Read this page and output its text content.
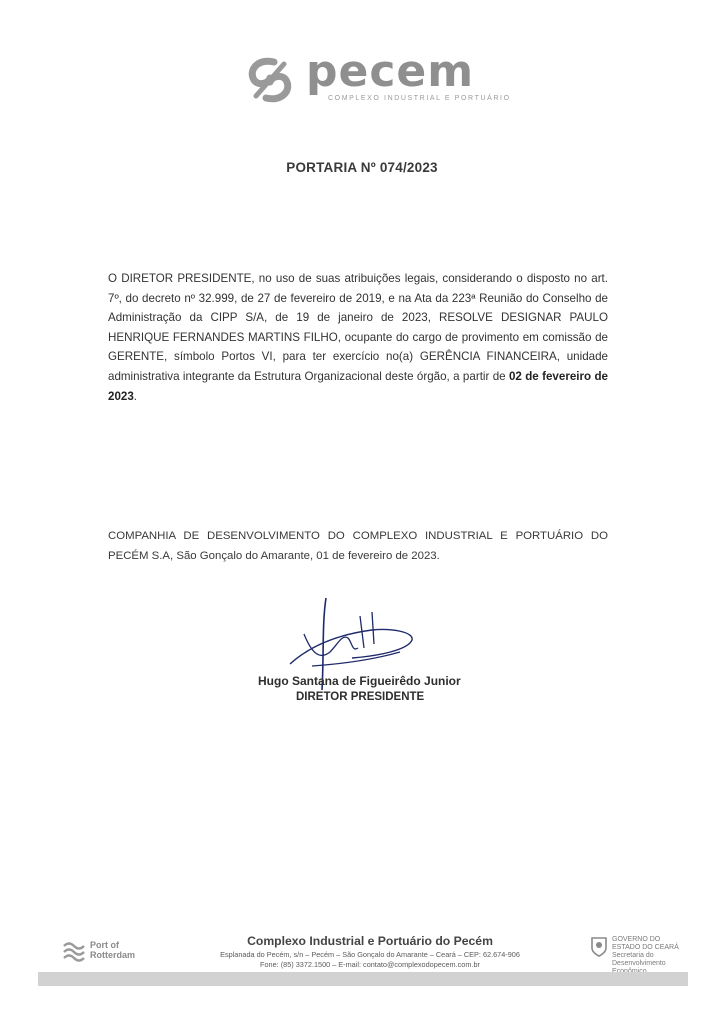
pecem
COMPLEXO INDUSTRIAL E PORTUÁRIO
PORTARIA Nº 074/2023
O DIRETOR PRESIDENTE, no uso de suas atribuições legais, considerando o disposto no art. 7º, do decreto nº 32.999, de 27 de fevereiro de 2019, e na Ata da 223ª Reunião do Conselho de Administração da CIPP S/A, de 19 de janeiro de 2023, RESOLVE DESIGNAR PAULO HENRIQUE FERNANDES MARTINS FILHO, ocupante do cargo de provimento em comissão de GERENTE, símbolo Portos VI, para ter exercício no(a) GERÊNCIA FINANCEIRA, unidade administrativa integrante da Estrutura Organizacional deste órgão, a partir de 02 de fevereiro de 2023.
COMPANHIA DE DESENVOLVIMENTO DO COMPLEXO INDUSTRIAL E PORTUÁRIO DO PECÉM S.A, São Gonçalo do Amarante, 01 de fevereiro de 2023.
Hugo Santana de Figueirêdo Junior
DIRETOR PRESIDENTE
Port of
Rotterdam
Complexo Industrial e Portuário do Pecém
Esplanada do Pecém, s/n – Pecém – São Gonçalo do Amarante – Ceará – CEP: 62.674-906
Fone: (85) 3372.1500 – E-mail: contato@complexodopecem.com.br
GOVERNO DO
ESTADO DO CEARÁ
Secretaria do Desenvolvimento
